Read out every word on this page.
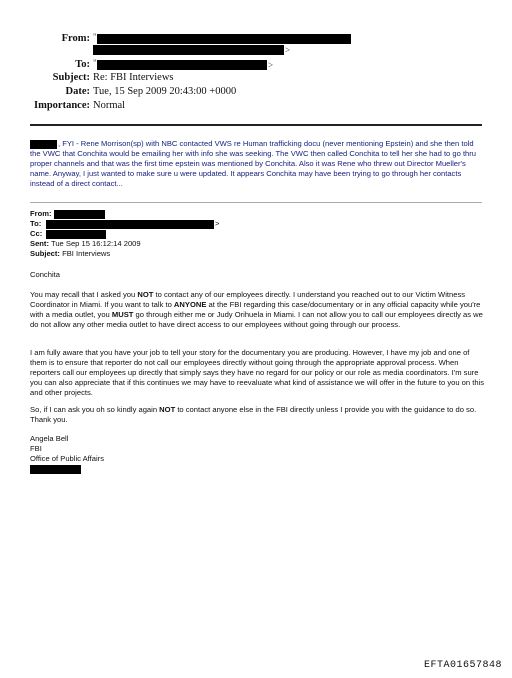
From: "
>
To: "	>
Subject: Re: FBI Interviews
Date: Tue, 15 Sep 2009 20:43:00 +0000
Importance: Normal
, FYI - Rene Morrison(sp) with NBC contacted VWS re Human trafficking docu (never mentioning Epstein) and she then told the VWC that Conchita would be emailing her with info she was seeking. The VWC then called Conchita to tell her she had to go thru proper channels and that was the first time epstein was mentioned by Conchita. Also it was Rene who threw out Director Mueller's name. Anyway, I just wanted to make sure u were updated. It appears Conchita may have been trying to go through her contacts instead of a direct contact...
From:
To:	>
Cc:
Sent: Tue Sep 15 16:12:14 2009
Subject: FBI Interviews
Conchita
You may recall that I asked you NOT to contact any of our employees directly. I understand you reached out to our Victim Witness Coordinator in Miami. If you want to talk to ANYONE at the FBI regarding this case/documentary or in any official capacity while you're with a media outlet, you MUST go through either me or Judy Orihuela in Miami. I can not allow you to call our employees directly as we do not allow any other media outlet to have direct access to our employees without going through our process.
I am fully aware that you have your job to tell your story for the documentary you are producing. However, I have my job and one of them is to ensure that reporter do not call our employees directly without going through the appropriate approval process. When reporters call our employees up directly that simply says they have no regard for our policy or our role as media coordinators. I'm sure you can also appreciate that if this continues we may have to reevaluate what kind of assistance we will offer in the future to you on this and other projects.
So, if I can ask you oh so kindly again NOT to contact anyone else in the FBI directly unless I provide you with the guidance to do so. Thank you.
Angela Bell
FBI
Office of Public Affairs
EFTA01657848
